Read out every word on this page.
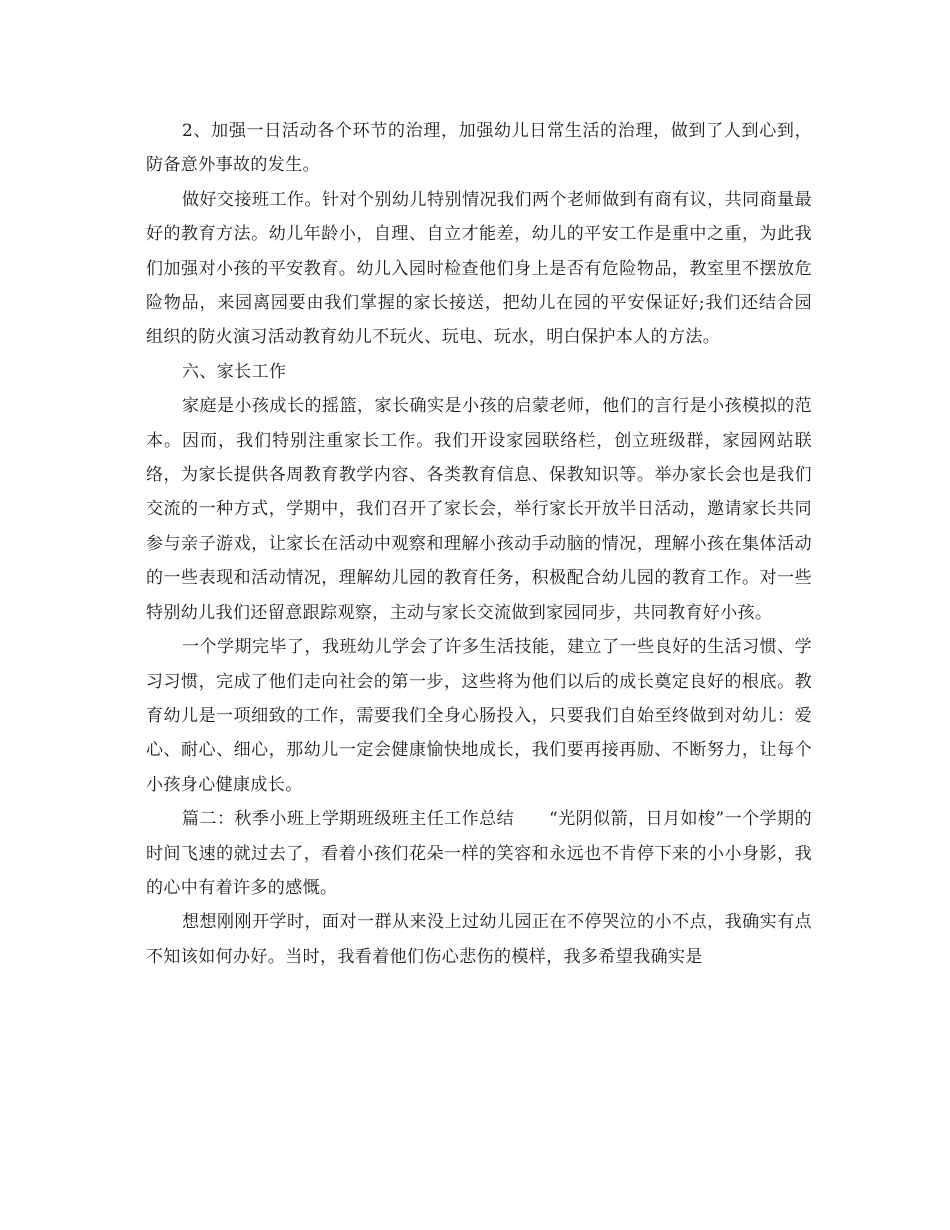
2、加强一日活动各个环节的治理，加强幼儿日常生活的治理，做到了人到心到，防备意外事故的发生。

做好交接班工作。针对个别幼儿特别情况我们两个老师做到有商有议，共同商量最好的教育方法。幼儿年龄小，自理、自立才能差，幼儿的平安工作是重中之重，为此我们加强对小孩的平安教育。幼儿入园时检查他们身上是否有危险物品，教室里不摆放危险物品，来园离园要由我们掌握的家长接送，把幼儿在园的平安保证好;我们还结合园组织的防火演习活动教育幼儿不玩火、玩电、玩水，明白保护本人的方法。

六、家长工作

家庭是小孩成长的摇篮，家长确实是小孩的启蒙老师，他们的言行是小孩模拟的范本。因而，我们特别注重家长工作。我们开设家园联络栏，创立班级群，家园网站联络，为家长提供各周教育教学内容、各类教育信息、保教知识等。举办家长会也是我们交流的一种方式，学期中，我们召开了家长会，举行家长开放半日活动，邀请家长共同参与亲子游戏，让家长在活动中观察和理解小孩动手动脑的情况，理解小孩在集体活动的一些表现和活动情况，理解幼儿园的教育任务，积极配合幼儿园的教育工作。对一些特别幼儿我们还留意跟踪观察，主动与家长交流做到家园同步，共同教育好小孩。

一个学期完毕了，我班幼儿学会了许多生活技能，建立了一些良好的生活习惯、学习习惯，完成了他们走向社会的第一步，这些将为他们以后的成长奠定良好的根底。教育幼儿是一项细致的工作，需要我们全身心肠投入，只要我们自始至终做到对幼儿：爱心、耐心、细心，那幼儿一定会健康愉快地成长，我们要再接再励、不断努力，让每个小孩身心健康成长。

篇二：秋季小班上学期班级班主任工作总结　　“光阴似箭，日月如梭”一个学期的时间飞速的就过去了，看着小孩们花朵一样的笑容和永远也不肯停下来的小小身影，我的心中有着许多的感慨。

想想刚刚开学时，面对一群从来没上过幼儿园正在不停哭泣的小不点，我确实有点不知该如何办好。当时，我看着他们伤心悲伤的模样，我多希望我确实是
